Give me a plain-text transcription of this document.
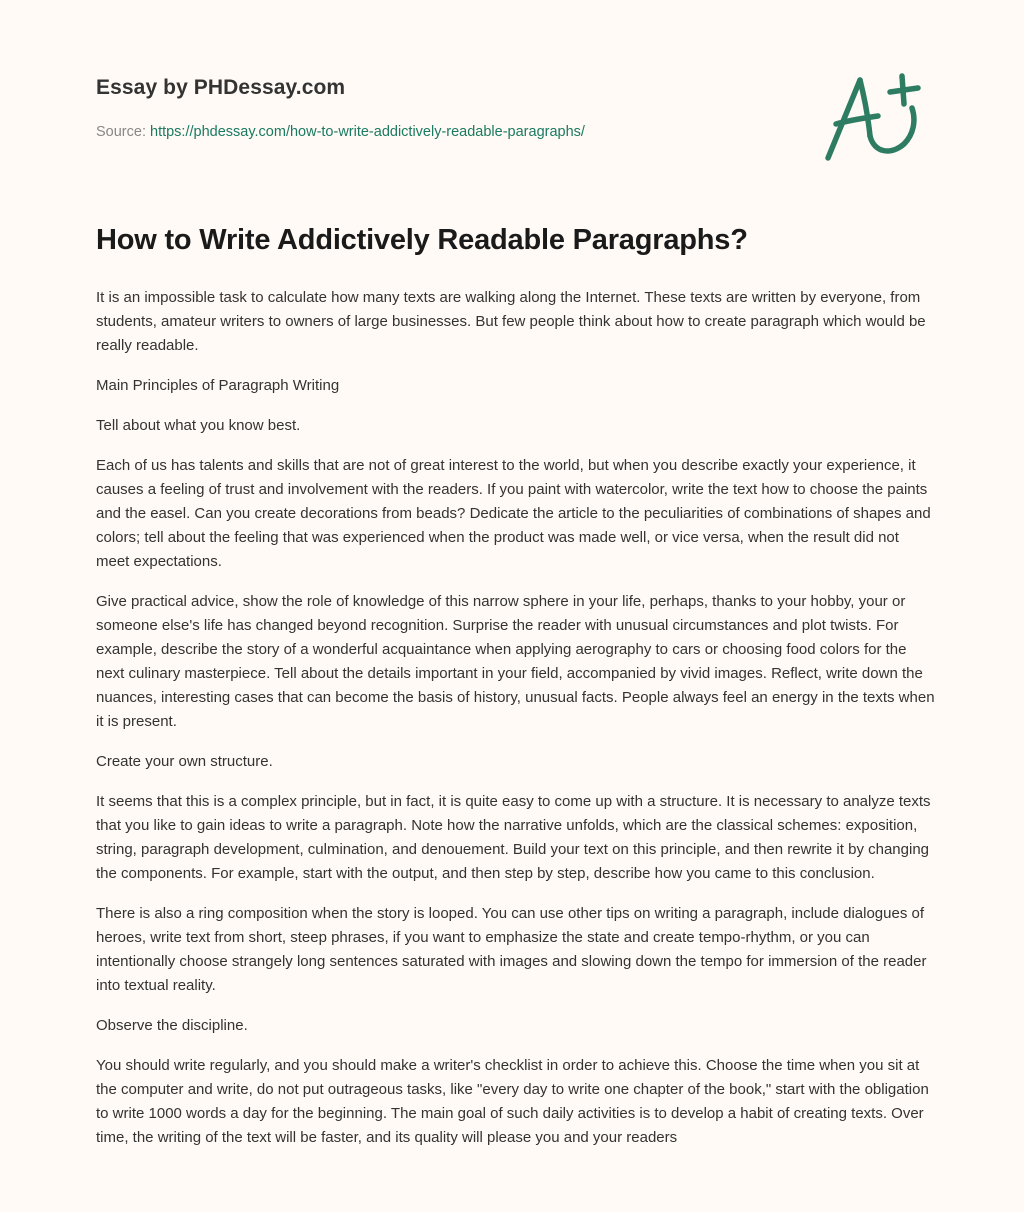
Essay by PHDessay.com
Source: https://phdessay.com/how-to-write-addictively-readable-paragraphs/
How to Write Addictively Readable Paragraphs?

It is an impossible task to calculate how many texts are walking along the Internet. These texts are written by everyone, from students, amateur writers to owners of large businesses. But few people think about how to create paragraph which would be really readable.

Main Principles of Paragraph Writing

Tell about what you know best.

Each of us has talents and skills that are not of great interest to the world, but when you describe exactly your experience, it causes a feeling of trust and involvement with the readers. If you paint with watercolor, write the text how to choose the paints and the easel. Can you create decorations from beads? Dedicate the article to the peculiarities of combinations of shapes and colors; tell about the feeling that was experienced when the product was made well, or vice versa, when the result did not meet expectations.

Give practical advice, show the role of knowledge of this narrow sphere in your life, perhaps, thanks to your hobby, your or someone else's life has changed beyond recognition. Surprise the reader with unusual circumstances and plot twists. For example, describe the story of a wonderful acquaintance when applying aerography to cars or choosing food colors for the next culinary masterpiece. Tell about the details important in your field, accompanied by vivid images. Reflect, write down the nuances, interesting cases that can become the basis of history, unusual facts. People always feel an energy in the texts when it is present.

Create your own structure.

It seems that this is a complex principle, but in fact, it is quite easy to come up with a structure. It is necessary to analyze texts that you like to gain ideas to write a paragraph. Note how the narrative unfolds, which are the classical schemes: exposition, string, paragraph development, culmination, and denouement. Build your text on this principle, and then rewrite it by changing the components. For example, start with the output, and then step by step, describe how you came to this conclusion.

There is also a ring composition when the story is looped. You can use other tips on writing a paragraph, include dialogues of heroes, write text from short, steep phrases, if you want to emphasize the state and create tempo-rhythm, or you can intentionally choose strangely long sentences saturated with images and slowing down the tempo for immersion of the reader into textual reality.

Observe the discipline.

You should write regularly, and you should make a writer's checklist in order to achieve this. Choose the time when you sit at the computer and write, do not put outrageous tasks, like "every day to write one chapter of the book," start with the obligation to write 1000 words a day for the beginning. The main goal of such daily activities is to develop a habit of creating texts. Over time, the writing of the text will be faster, and its quality will please you and your readers
